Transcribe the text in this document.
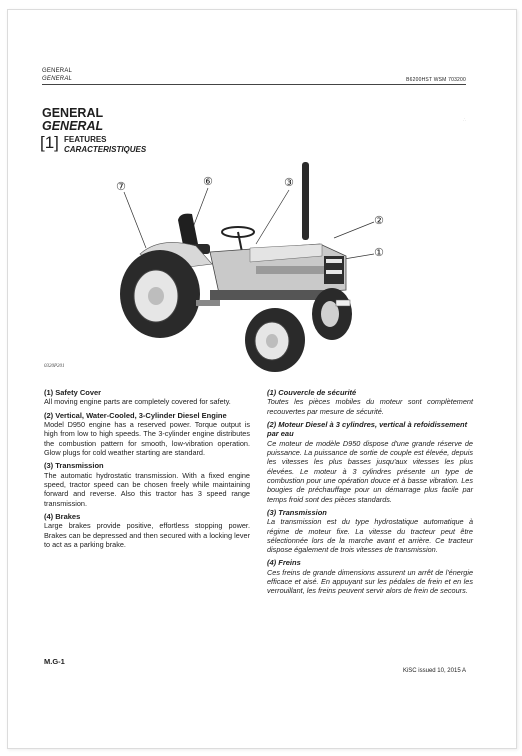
GENERAL
GENERAL	B6200HST WSM 703200
∴
GENERAL
GENERAL
[1] FEATURES
CARACTERISTIQUES
⑦	⑥	③
②
①
0320P201
(1) Safety Cover

All moving engine parts are completely covered for safety.

(2) Vertical, Water-Cooled, 3-Cylinder Diesel Engine

Model D950 engine has a reserved power. Torque output is high from low to high speeds. The 3-cylinder engine distributes the combustion pattern for smooth, low-vibration operation. Glow plugs for cold weather starting are standard.

(3) Transmission

The automatic hydrostatic transmission. With a fixed engine speed, tractor speed can be chosen freely while maintaining forward and reverse. Also this tractor has 3 speed range transmission.

(4) Brakes

Large brakes provide positive, effortless stopping power. Brakes can be depressed and then secured with a locking lever to act as a parking brake.

(1) Couvercle de sécurité

Toutes les pièces mobiles du moteur sont complètement recouvertes par mesure de sécurité.

(2) Moteur Diesel à 3 cylindres, vertical à refoidissement par eau

Ce moteur de modèle D950 dispose d'une grande réserve de puissance. La puissance de sortie de couple est élevée, depuis les vitesses les plus basses jusqu'aux vitesses les plus élevées. Le moteur à 3 cylindres présente un type de combustion pour une opération douce et à basse vibration. Les bougies de préchauffage pour un démarrage plus facile par temps froid sont des pièces standards.

(3) Transmission

La transmission est du type hydrostatique automatique à régime de moteur fixe. La vitesse du tracteur peut être sélectionnée lors de la marche avant et arrière. Ce tracteur dispose également de trois vitesses de transmission.

(4) Freins

Ces freins de grande dimensions assurent un arrêt de l'énergie efficace et aisé. En appuyant sur les pédales de frein et en les verrouillant, les freins peuvent servir alors de frein de secours.

M.G-1
KiSC issued 10, 2015 A
